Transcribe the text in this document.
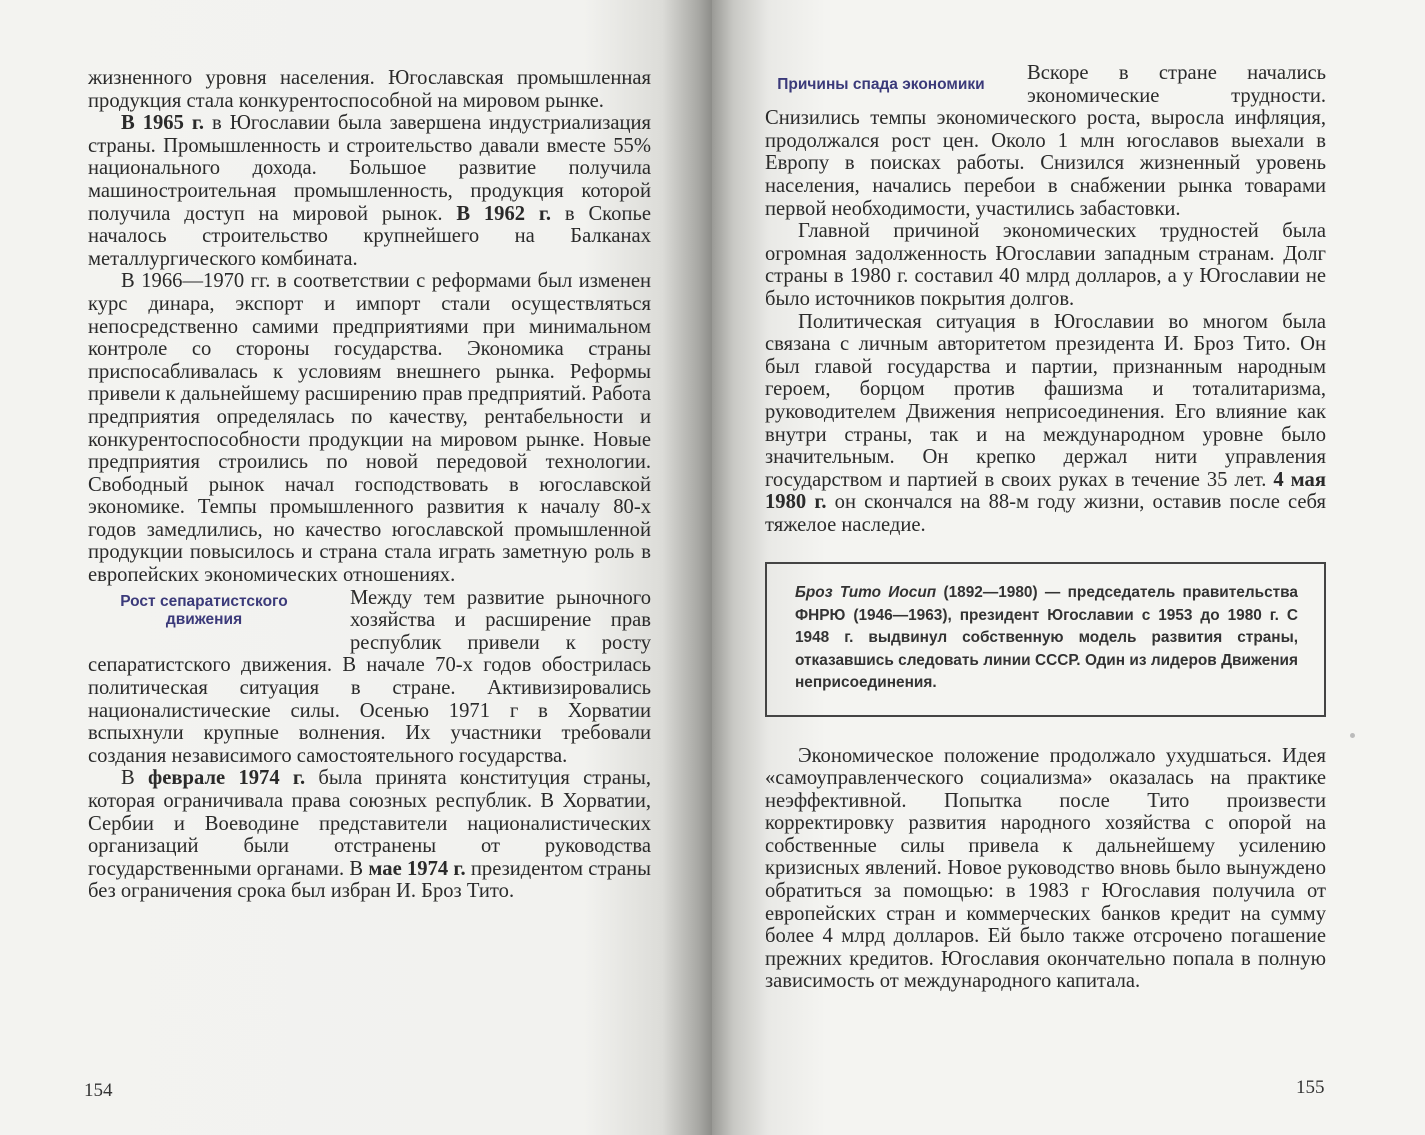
жизненного уровня населения. Югославская промышленная продукция стала конкурентоспособной на мировом рынке.

В 1965 г. в Югославии была завершена индустриализация страны. Промышленность и строительство давали вместе 55% национального дохода. Большое развитие получила машиностроительная промышленность, продукция которой получила доступ на мировой рынок. В 1962 г. в Скопье началось строительство крупнейшего на Балканах металлургического комбината.

В 1966—1970 гг. в соответствии с реформами был изменен курс динара, экспорт и импорт стали осуществляться непосредственно самими предприятиями при минимальном контроле со стороны государства. Экономика страны приспосабливалась к условиям внешнего рынка. Реформы привели к дальнейшему расширению прав предприятий. Работа предприятия определялась по качеству, рентабельности и конкурентоспособности продукции на мировом рынке. Новые предприятия строились по новой передовой технологии. Свободный рынок начал господствовать в югославской экономике. Темпы промышленного развития к началу 80-х годов замедлились, но качество югославской промышленной продукции повысилось и страна стала играть заметную роль в европейских экономических отношениях.

Рост сепаратистского движения

Между тем развитие рыночного хозяйства и расширение прав республик привели к росту сепаратистского движения. В начале 70-х годов обострилась политическая ситуация в стране. Активизировались националистические силы. Осенью 1971 г в Хорватии вспыхнули крупные волнения. Их участники требовали создания независимого самостоятельного государства.

В феврале 1974 г. была принята конституция страны, которая ограничивала права союзных республик. В Хорватии, Сербии и Воеводине представители националистических организаций были отстранены от руководства государственными органами. В мае 1974 г. президентом страны без ограничения срока был избран И. Броз Тито.

154
Причины спада экономики

Вскоре в стране начались экономические трудности. Снизились темпы экономического роста, выросла инфляция, продолжался рост цен. Около 1 млн югославов выехали в Европу в поисках работы. Снизился жизненный уровень населения, начались перебои в снабжении рынка товарами первой необходимости, участились забастовки.

Главной причиной экономических трудностей была огромная задолженность Югославии западным странам. Долг страны в 1980 г. составил 40 млрд долларов, а у Югославии не было источников покрытия долгов.

Политическая ситуация в Югославии во многом была связана с личным авторитетом президента И. Броз Тито. Он был главой государства и партии, признанным народным героем, борцом против фашизма и тоталитаризма, руководителем Движения неприсоединения. Его влияние как внутри страны, так и на международном уровне было значительным. Он крепко держал нити управления государством и партией в своих руках в течение 35 лет. 4 мая 1980 г. он скончался на 88-м году жизни, оставив после себя тяжелое наследие.

Броз Тито Иосип (1892—1980) — председатель правительства ФНРЮ (1946—1963), президент Югославии с 1953 до 1980 г. С 1948 г. выдвинул собственную модель развития страны, отказавшись следовать линии СССР. Один из лидеров Движения неприсоединения.

Экономическое положение продолжало ухудшаться. Идея «самоуправленческого социализма» оказалась на практике неэффективной. Попытка после Тито произвести корректировку развития народного хозяйства с опорой на собственные силы привела к дальнейшему усилению кризисных явлений. Новое руководство вновь было вынуждено обратиться за помощью: в 1983 г Югославия получила от европейских стран и коммерческих банков кредит на сумму более 4 млрд долларов. Ей было также отсрочено погашение прежних кредитов. Югославия окончательно попала в полную зависимость от международного капитала.

155
